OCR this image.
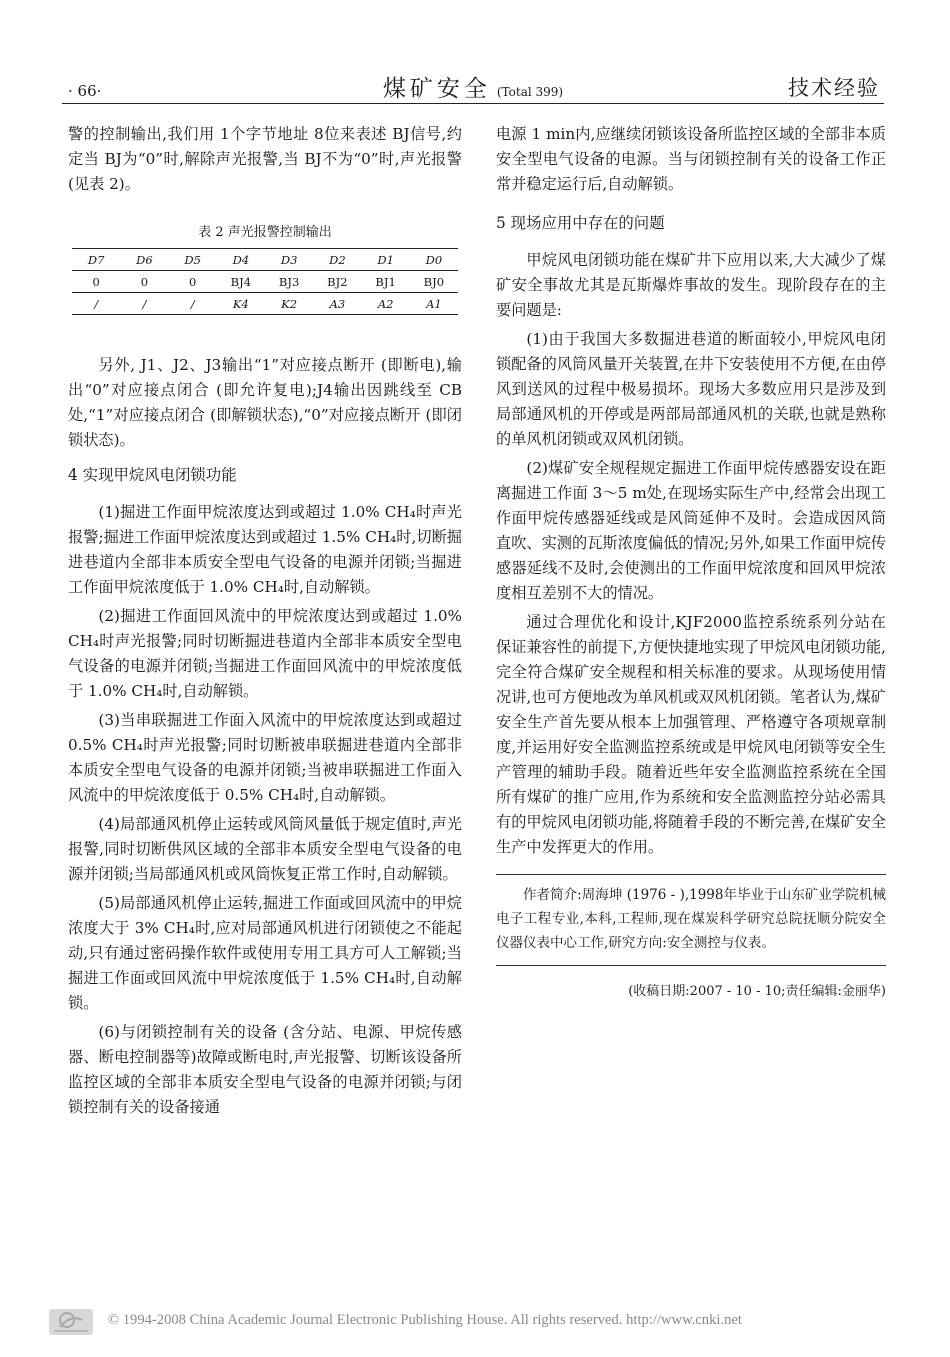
· 66·	煤矿安全 (Total 399)	技术经验

警的控制输出,我们用 1个字节地址 8位来表述 BJ信号,约定当 BJ为“0”时,解除声光报警,当 BJ不为“0”时,声光报警 (见表 2)。

表 2 声光报警控制输出
D7	D6	D5	D4	D3	D2	D1	D0
0	0	0	BJ4	BJ3	BJ2	BJ1	BJ0
/	/	/	K4	K2	A3	A2	A1

另外, J1、J2、J3输出“1”对应接点断开 (即断电),输出“0”对应接点闭合 (即允许复电);J4输出因跳线至 CB处,“1”对应接点闭合 (即解锁状态),“0”对应接点断开 (即闭锁状态)。

4 实现甲烷风电闭锁功能

(1)掘进工作面甲烷浓度达到或超过 1.0% CH₄时声光报警;掘进工作面甲烷浓度达到或超过 1.5% CH₄时,切断掘进巷道内全部非本质安全型电气设备的电源并闭锁;当掘进工作面甲烷浓度低于 1.0% CH₄时,自动解锁。

(2)掘进工作面回风流中的甲烷浓度达到或超过 1.0% CH₄时声光报警;同时切断掘进巷道内全部非本质安全型电气设备的电源并闭锁;当掘进工作面回风流中的甲烷浓度低于 1.0% CH₄时,自动解锁。

(3)当串联掘进工作面入风流中的甲烷浓度达到或超过 0.5% CH₄时声光报警;同时切断被串联掘进巷道内全部非本质安全型电气设备的电源并闭锁;当被串联掘进工作面入风流中的甲烷浓度低于 0.5% CH₄时,自动解锁。

(4)局部通风机停止运转或风筒风量低于规定值时,声光报警,同时切断供风区域的全部非本质安全型电气设备的电源并闭锁;当局部通风机或风筒恢复正常工作时,自动解锁。

(5)局部通风机停止运转,掘进工作面或回风流中的甲烷浓度大于 3% CH₄时,应对局部通风机进行闭锁使之不能起动,只有通过密码操作软件或使用专用工具方可人工解锁;当掘进工作面或回风流中甲烷浓度低于 1.5% CH₄时,自动解锁。

(6)与闭锁控制有关的设备 (含分站、电源、甲烷传感器、断电控制器等)故障或断电时,声光报警、切断该设备所监控区域的全部非本质安全型电气设备的电源并闭锁;与闭锁控制有关的设备接通

电源 1 min内,应继续闭锁该设备所监控区域的全部非本质安全型电气设备的电源。当与闭锁控制有关的设备工作正常并稳定运行后,自动解锁。

5 现场应用中存在的问题

甲烷风电闭锁功能在煤矿井下应用以来,大大减少了煤矿安全事故尤其是瓦斯爆炸事故的发生。现阶段存在的主要问题是:

(1)由于我国大多数掘进巷道的断面较小,甲烷风电闭锁配备的风筒风量开关装置,在井下安装使用不方便,在由停风到送风的过程中极易损坏。现场大多数应用只是涉及到局部通风机的开停或是两部局部通风机的关联,也就是熟称的单风机闭锁或双风机闭锁。

(2)煤矿安全规程规定掘进工作面甲烷传感器安设在距离掘进工作面 3～5 m处,在现场实际生产中,经常会出现工作面甲烷传感器延线或是风筒延伸不及时。会造成因风筒直吹、实测的瓦斯浓度偏低的情况;另外,如果工作面甲烷传感器延线不及时,会使测出的工作面甲烷浓度和回风甲烷浓度相互差别不大的情况。

通过合理优化和设计,KJF2000监控系统系列分站在保证兼容性的前提下,方便快捷地实现了甲烷风电闭锁功能,完全符合煤矿安全规程和相关标准的要求。从现场使用情况讲,也可方便地改为单风机或双风机闭锁。笔者认为,煤矿安全生产首先要从根本上加强管理、严格遵守各项规章制度,并运用好安全监测监控系统或是甲烷风电闭锁等安全生产管理的辅助手段。随着近些年安全监测监控系统在全国所有煤矿的推广应用,作为系统和安全监测监控分站必需具有的甲烷风电闭锁功能,将随着手段的不断完善,在煤矿安全生产中发挥更大的作用。

作者简介:周海坤 (1976 - ),1998年毕业于山东矿业学院机械电子工程专业,本科,工程师,现在煤炭科学研究总院抚顺分院安全仪器仪表中心工作,研究方向:安全测控与仪表。

(收稿日期:2007 - 10 - 10;责任编辑:金丽华)

© 1994-2008 China Academic Journal Electronic Publishing House. All rights reserved. http://www.cnki.net
